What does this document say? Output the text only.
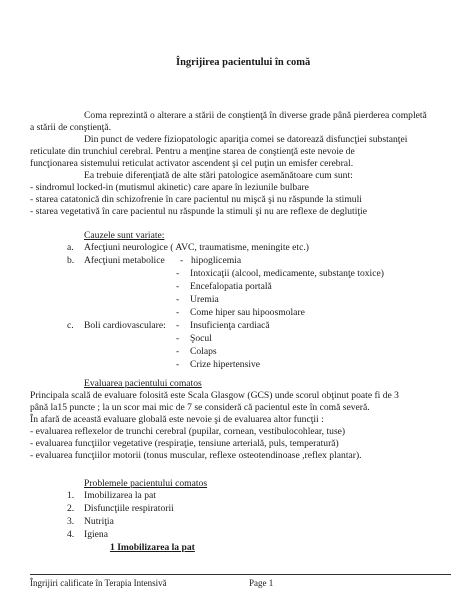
Îngrijirea pacientului în comă
Coma reprezintă o alterare a stării de conştienţă în diverse grade până pierderea completă
a stării de conştienţă.
Din punct de vedere fiziopatologic apariţia comei se datorează disfuncţiei substanţei
reticulate din trunchiul cerebral. Pentru a menţine starea de conştienţă este nevoie de
funcţionarea sistemului reticulat activator ascendent şi cel puţin un emisfer cerebral.
Ea trebuie diferenţiată de alte stări patologice asemănătoare cum sunt:
- sindromul locked-in (mutismul akinetic) care apare în leziunile bulbare
- starea catatonică din schizofrenie în care pacientul nu mişcă şi nu răspunde la stimuli
- starea vegetativă în care pacientul nu răspunde la stimuli şi nu are reflexe de deglutiţie
Cauzele sunt variate:
a. Afecţiuni neurologice ( AVC, traumatisme, meningite etc.)
b. Afecţiuni metabolice - hipoglicemia
- Intoxicaţii (alcool, medicamente, substanţe toxice)
- Encefalopatia portală
- Uremia
- Come hiper sau hipoosmolare
c. Boli cardiovasculare: - Insuficienţa cardiacă
- Şocul
- Colaps
- Crize hipertensive
Evaluarea pacientului comatos
Principala scală de evaluare folosită este Scala Glasgow (GCS) unde scorul obţinut poate fi de 3
până la15 puncte ; la un scor mai mic de 7 se consideră că pacientul este în comă severă.
În afară de această evaluare globală este nevoie şi de evaluarea altor funcţii :
- evaluarea reflexelor de trunchi cerebral (pupilar, cornean, vestibulocohlear, tuse)
- evaluarea funcţiilor vegetative (respiraţie, tensiune arterială, puls, temperatură)
- evaluarea funcţiilor motorii (tonus muscular, reflexe osteotendinoase ,reflex plantar).
Problemele pacientului comatos
1. Imobilizarea la pat
2. Disfuncţiile respiratorii
3. Nutriţia
4. Igiena
1 Imobilizarea la pat
Îngrijiri calificate în Terapia Intensivă	Page 1
